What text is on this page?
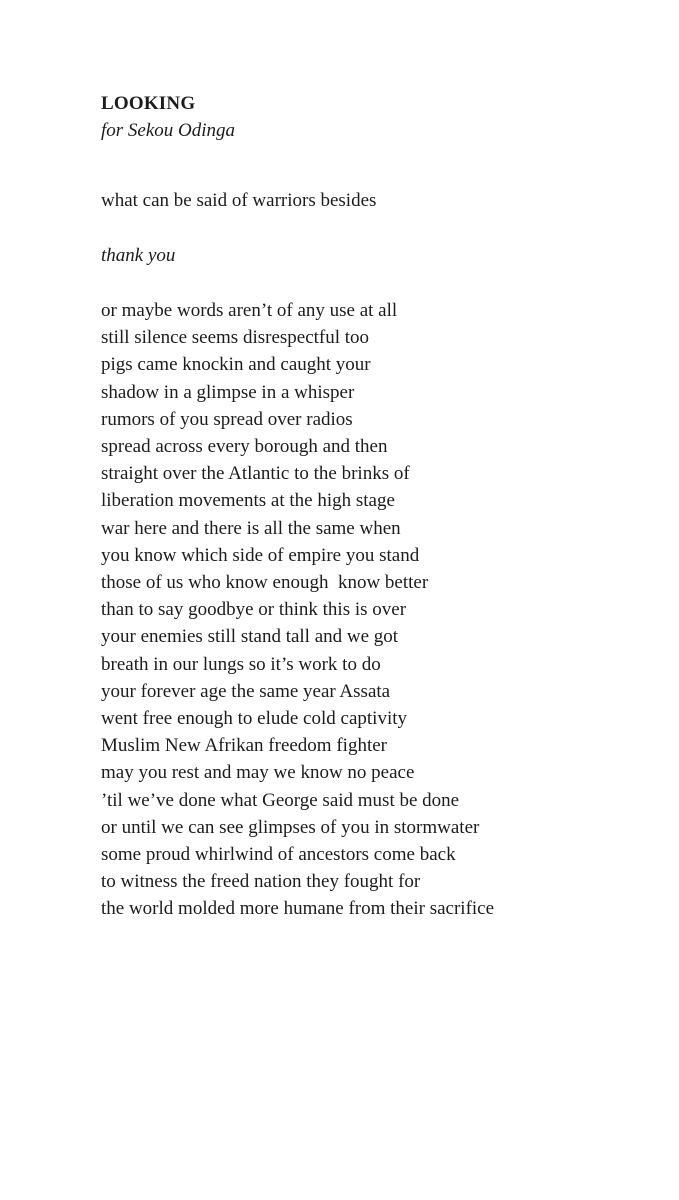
LOOKING
for Sekou Odinga
what can be said of warriors besides
thank you
or maybe words aren’t of any use at all
still silence seems disrespectful too
pigs came knockin and caught your
shadow in a glimpse in a whisper
rumors of you spread over radios
spread across every borough and then
straight over the Atlantic to the brinks of
liberation movements at the high stage
war here and there is all the same when
you know which side of empire you stand
those of us who know enough  know better
than to say goodbye or think this is over
your enemies still stand tall and we got
breath in our lungs so it’s work to do
your forever age the same year Assata
went free enough to elude cold captivity
Muslim New Afrikan freedom fighter
may you rest and may we know no peace
’til we’ve done what George said must be done
or until we can see glimpses of you in stormwater
some proud whirlwind of ancestors come back
to witness the freed nation they fought for
the world molded more humane from their sacrifice
